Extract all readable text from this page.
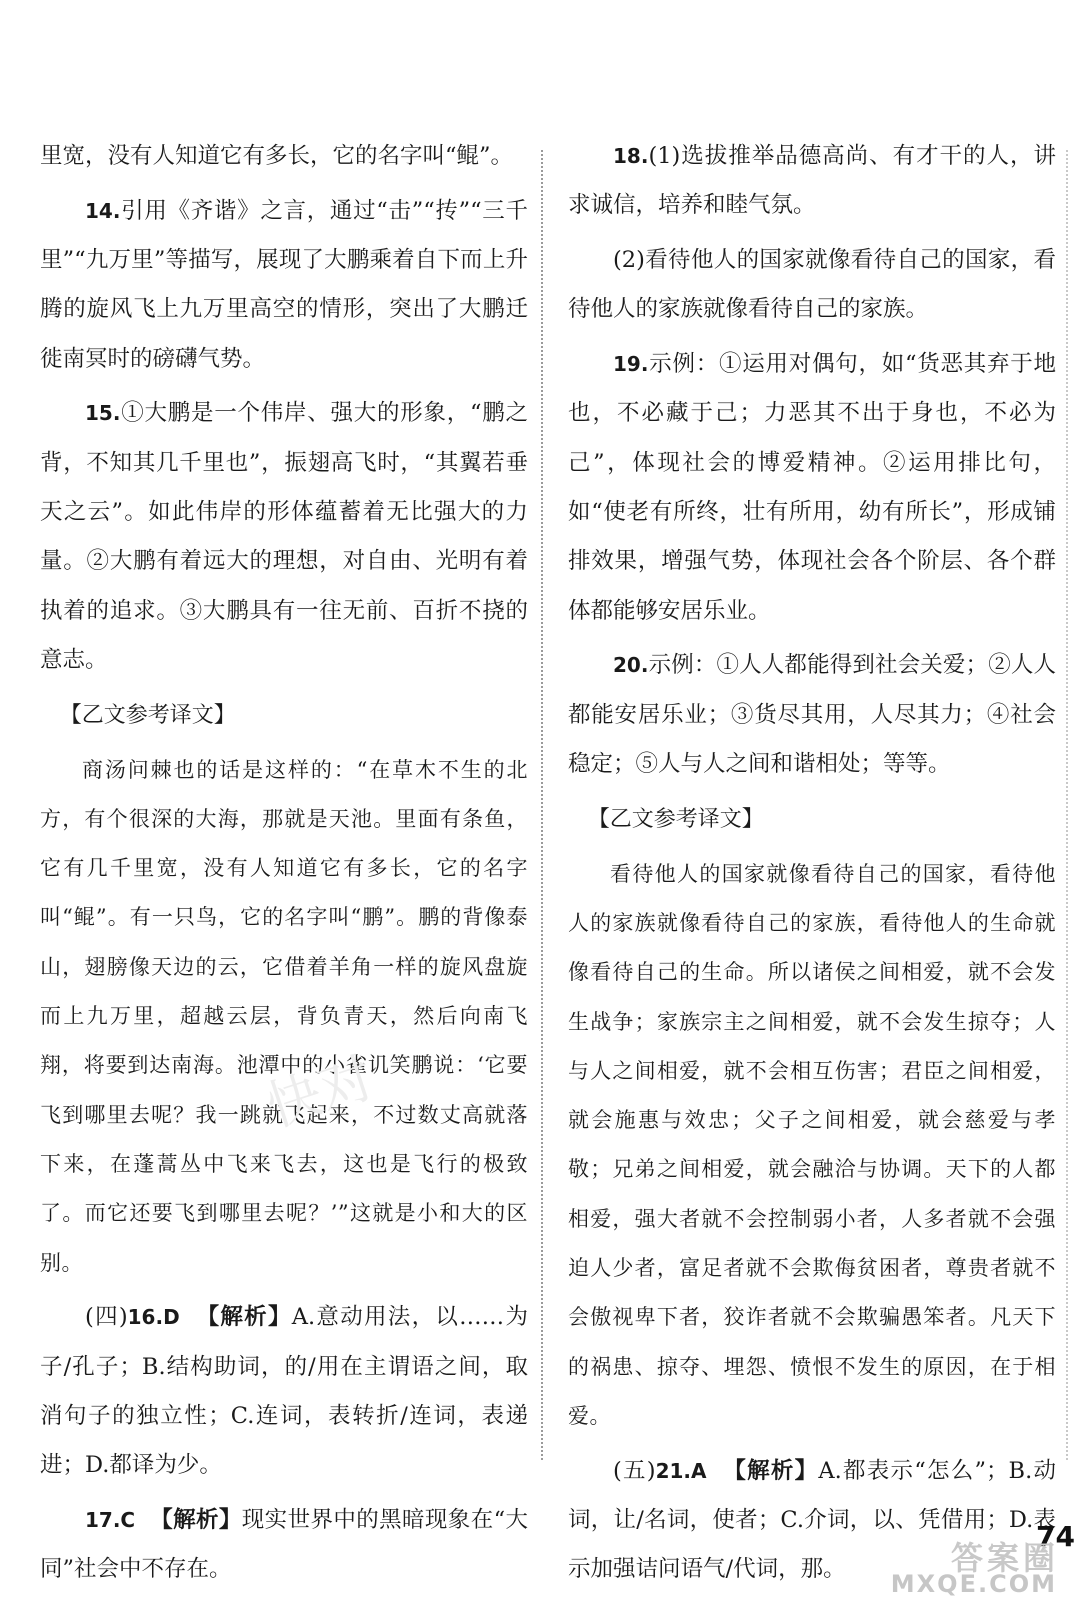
里宽，没有人知道它有多长，它的名字叫“鲲”。

14.引用《齐谐》之言，通过“击”“抟”“三千里”“九万里”等描写，展现了大鹏乘着自下而上升腾的旋风飞上九万里高空的情形，突出了大鹏迁徙南冥时的磅礴气势。

15.①大鹏是一个伟岸、强大的形象，“鹏之背，不知其几千里也”，振翅高飞时，“其翼若垂天之云”。如此伟岸的形体蕴蓄着无比强大的力量。②大鹏有着远大的理想，对自由、光明有着执着的追求。③大鹏具有一往无前、百折不挠的意志。

【乙文参考译文】

商汤问棘也的话是这样的：“在草木不生的北方，有个很深的大海，那就是天池。里面有条鱼，它有几千里宽，没有人知道它有多长，它的名字叫“鲲”。有一只鸟，它的名字叫“鹏”。鹏的背像泰山，翅膀像天边的云，它借着羊角一样的旋风盘旋而上九万里，超越云层，背负青天，然后向南飞翔，将要到达南海。池潭中的小雀讥笑鹏说：‘它要飞到哪里去呢？我一跳就飞起来，不过数丈高就落下来，在蓬蒿丛中飞来飞去，这也是飞行的极致了。而它还要飞到哪里去呢？’”这就是小和大的区别。

(四)16.D 【解析】A.意动用法，以……为子/孔子；B.结构助词，的/用在主谓语之间，取消句子的独立性；C.连词，表转折/连词，表递进；D.都译为少。

17.C 【解析】现实世界中的黑暗现象在“大同”社会中不存在。

18.(1)选拔推举品德高尚、有才干的人，讲求诚信，培养和睦气氛。

(2)看待他人的国家就像看待自己的国家，看待他人的家族就像看待自己的家族。

19.示例：①运用对偶句，如“货恶其弃于地也，不必藏于己；力恶其不出于身也，不必为己”，体现社会的博爱精神。②运用排比句，如“使老有所终，壮有所用，幼有所长”，形成铺排效果，增强气势，体现社会各个阶层、各个群体都能够安居乐业。

20.示例：①人人都能得到社会关爱；②人人都能安居乐业；③货尽其用，人尽其力；④社会稳定；⑤人与人之间和谐相处；等等。

【乙文参考译文】

看待他人的国家就像看待自己的国家，看待他人的家族就像看待自己的家族，看待他人的生命就像看待自己的生命。所以诸侯之间相爱，就不会发生战争；家族宗主之间相爱，就不会发生掠夺；人与人之间相爱，就不会相互伤害；君臣之间相爱，就会施惠与效忠；父子之间相爱，就会慈爱与孝敬；兄弟之间相爱，就会融洽与协调。天下的人都相爱，强大者就不会控制弱小者，人多者就不会强迫人少者，富足者就不会欺侮贫困者，尊贵者就不会傲视卑下者，狡诈者就不会欺骗愚笨者。凡天下的祸患、掠夺、埋怨、愤恨不发生的原因，在于相爱。

(五)21.A 【解析】A.都表示“怎么”；B.动词，让/名词，使者；C.介词，以、凭借用；D.表示加强诘问语气/代词，那。

快对
74
答案圈
MXQE.COM
